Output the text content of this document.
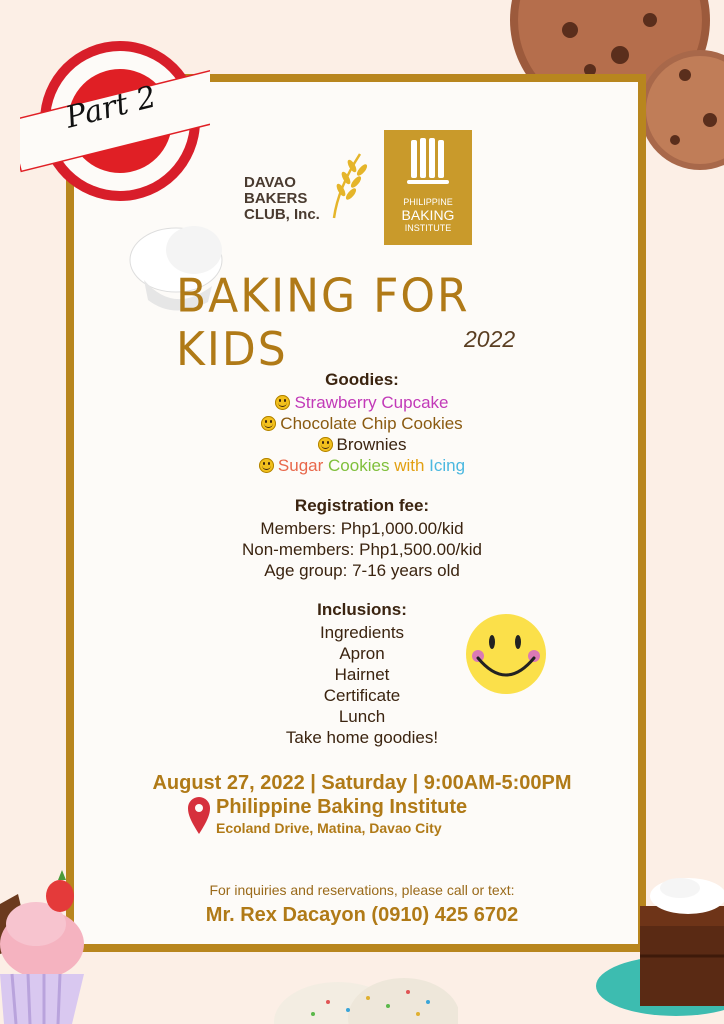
Part 2
DAVAO
BAKERS
CLUB, Inc.
PHILIPPINE
BAKING
INSTITUTE
BAKING FOR KIDS	2022
Goodies:
Strawberry Cupcake
Chocolate Chip Cookies
Brownies
Sugar Cookies with Icing
Registration fee:
Members: Php1,000.00/kid
Non-members: Php1,500.00/kid
Age group: 7-16 years old
Inclusions:
Ingredients
Apron
Hairnet
Certificate
Lunch
Take home goodies!
August 27, 2022 | Saturday | 9:00AM-5:00PM
Philippine Baking Institute
Ecoland Drive, Matina, Davao City
For inquiries and reservations, please call or text:
Mr. Rex Dacayon (0910) 425 6702
